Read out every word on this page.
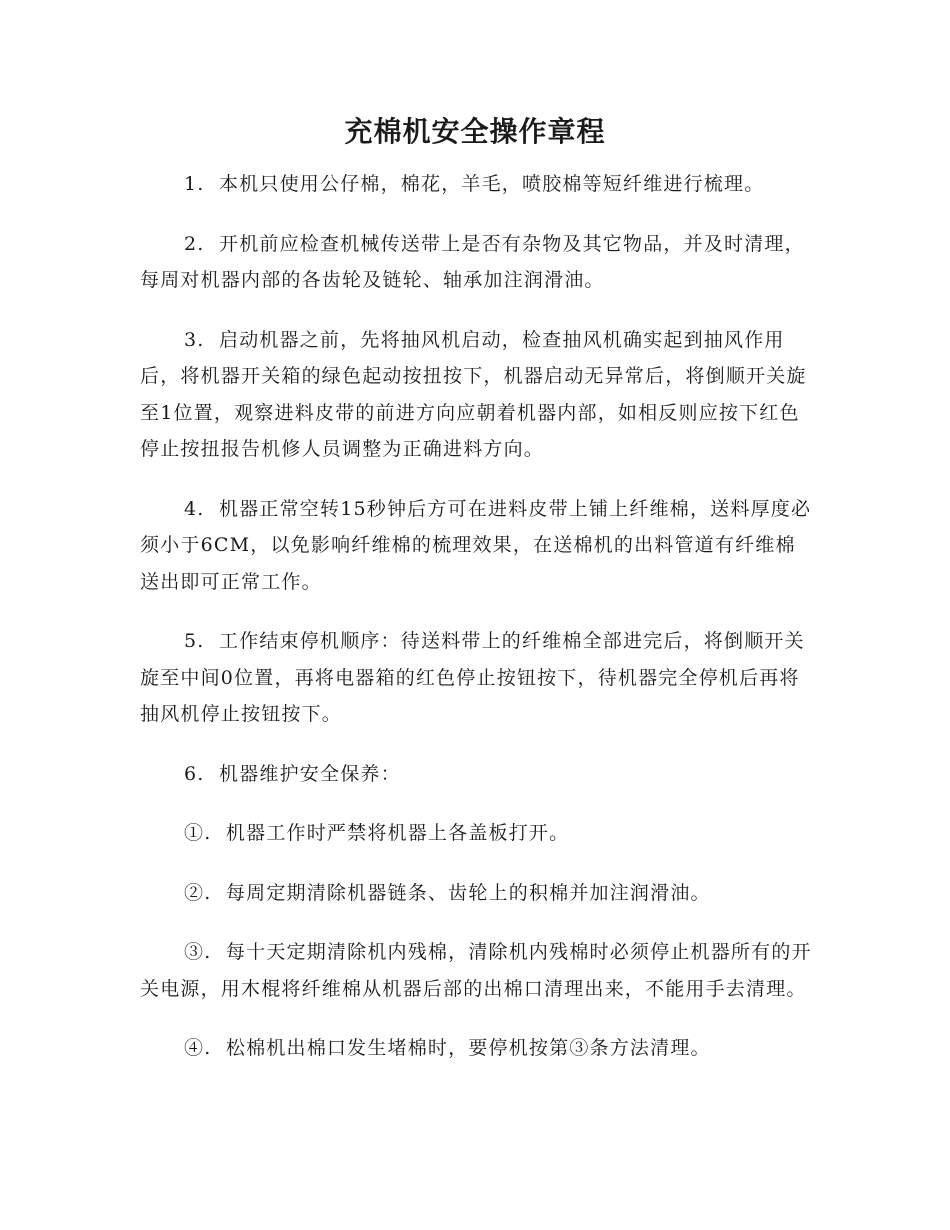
充棉机安全操作章程

1.  本机只使用公仔棉，棉花，羊毛，喷胶棉等短纤维进行梳理。

2.  开机前应检查机械传送带上是否有杂物及其它物品，并及时清理，每周对机器内部的各齿轮及链轮、轴承加注润滑油。

3.  启动机器之前，先将抽风机启动，检查抽风机确实起到抽风作用后，将机器开关箱的绿色起动按扭按下，机器启动无异常后，将倒顺开关旋至1位置，观察进料皮带的前进方向应朝着机器内部，如相反则应按下红色停止按扭报告机修人员调整为正确进料方向。

4.  机器正常空转15秒钟后方可在进料皮带上铺上纤维棉，送料厚度必须小于6CM，以免影响纤维棉的梳理效果，在送棉机的出料管道有纤维棉送出即可正常工作。

5.  工作结束停机顺序：待送料带上的纤维棉全部进完后，将倒顺开关旋至中间0位置，再将电器箱的红色停止按钮按下，待机器完全停机后再将抽风机停止按钮按下。

6.  机器维护安全保养：

①.  机器工作时严禁将机器上各盖板打开。

②.  每周定期清除机器链条、齿轮上的积棉并加注润滑油。

③.  每十天定期清除机内残棉，清除机内残棉时必须停止机器所有的开关电源，用木棍将纤维棉从机器后部的出棉口清理出来，不能用手去清理。

④.  松棉机出棉口发生堵棉时，要停机按第③条方法清理。
